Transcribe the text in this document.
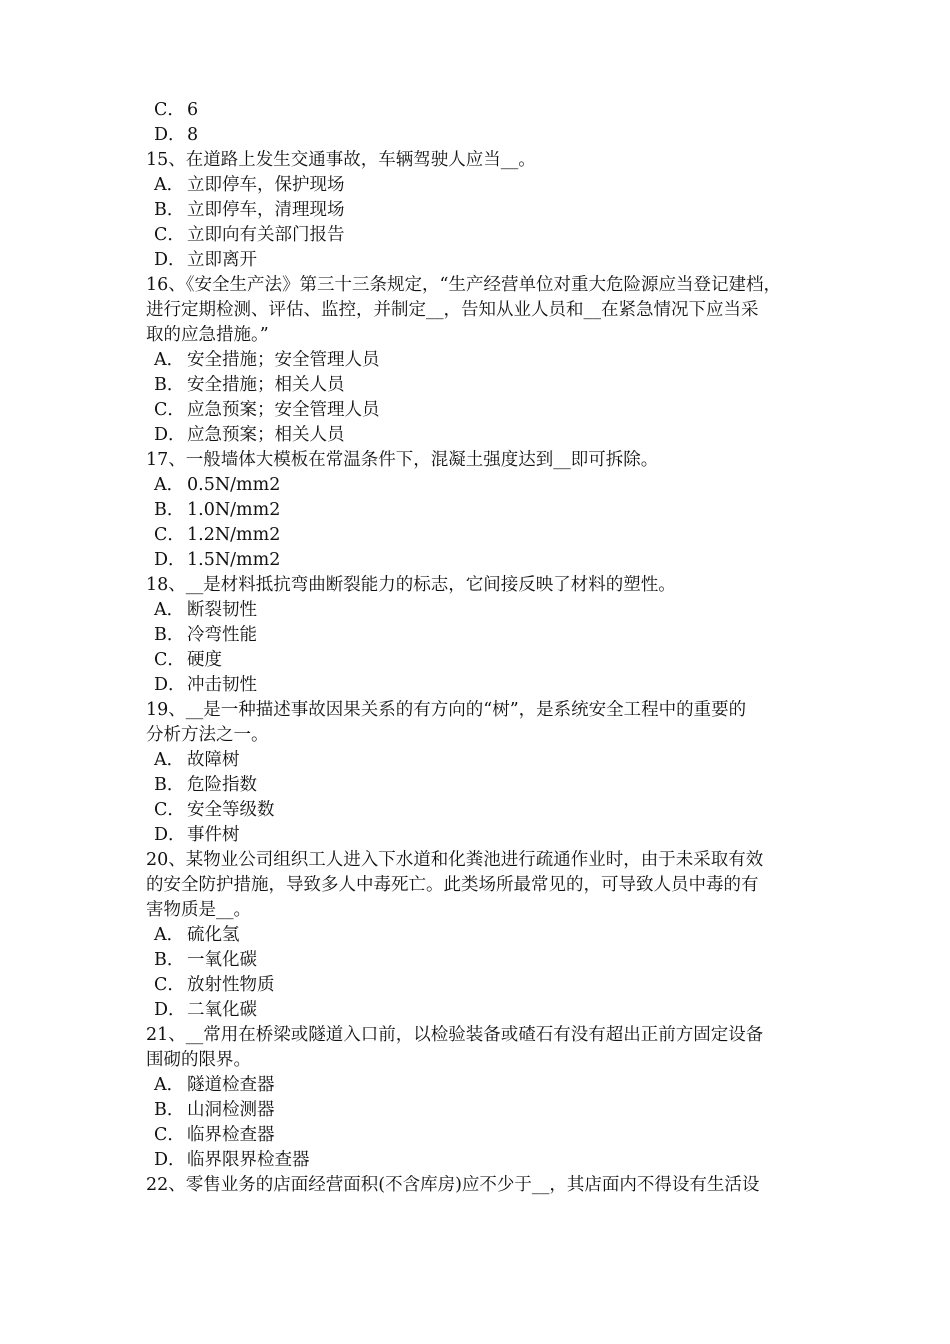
C． 6
D．8
15、在道路上发生交通事故，车辆驾驶人应当__。
A． 立即停车，保护现场
B． 立即停车，清理现场
C． 立即向有关部门报告
D．立即离开
16、《安全生产法》第三十三条规定，“生产经营单位对重大危险源应当登记建档，
进行定期检测、评估、监控，并制定__，告知从业人员和__在紧急情况下应当采
取的应急措施。”
A． 安全措施；安全管理人员
B． 安全措施；相关人员
C． 应急预案；安全管理人员
D．应急预案；相关人员
17、一般墙体大模板在常温条件下，混凝土强度达到__即可拆除。
A． 0.5N/mm2
B． 1.0N/mm2
C． 1.2N/mm2
D．1.5N/mm2
18、__是材料抵抗弯曲断裂能力的标志，它间接反映了材料的塑性。
A． 断裂韧性
B． 冷弯性能
C． 硬度
D．冲击韧性
19、__是一种描述事故因果关系的有方向的“树”，是系统安全工程中的重要的
分析方法之一。
A． 故障树
B． 危险指数
C． 安全等级数
D．事件树
20、某物业公司组织工人进入下水道和化粪池进行疏通作业时，由于未采取有效
的安全防护措施，导致多人中毒死亡。此类场所最常见的，可导致人员中毒的有
害物质是__。
A． 硫化氢
B． 一氧化碳
C． 放射性物质
D．二氧化碳
21、__常用在桥梁或隧道入口前，以检验装备或碴石有没有超出正前方固定设备
围砌的限界。
A． 隧道检查器
B． 山洞检测器
C． 临界检查器
D．临界限界检查器
22、零售业务的店面经营面积(不含库房)应不少于__，其店面内不得设有生活设
